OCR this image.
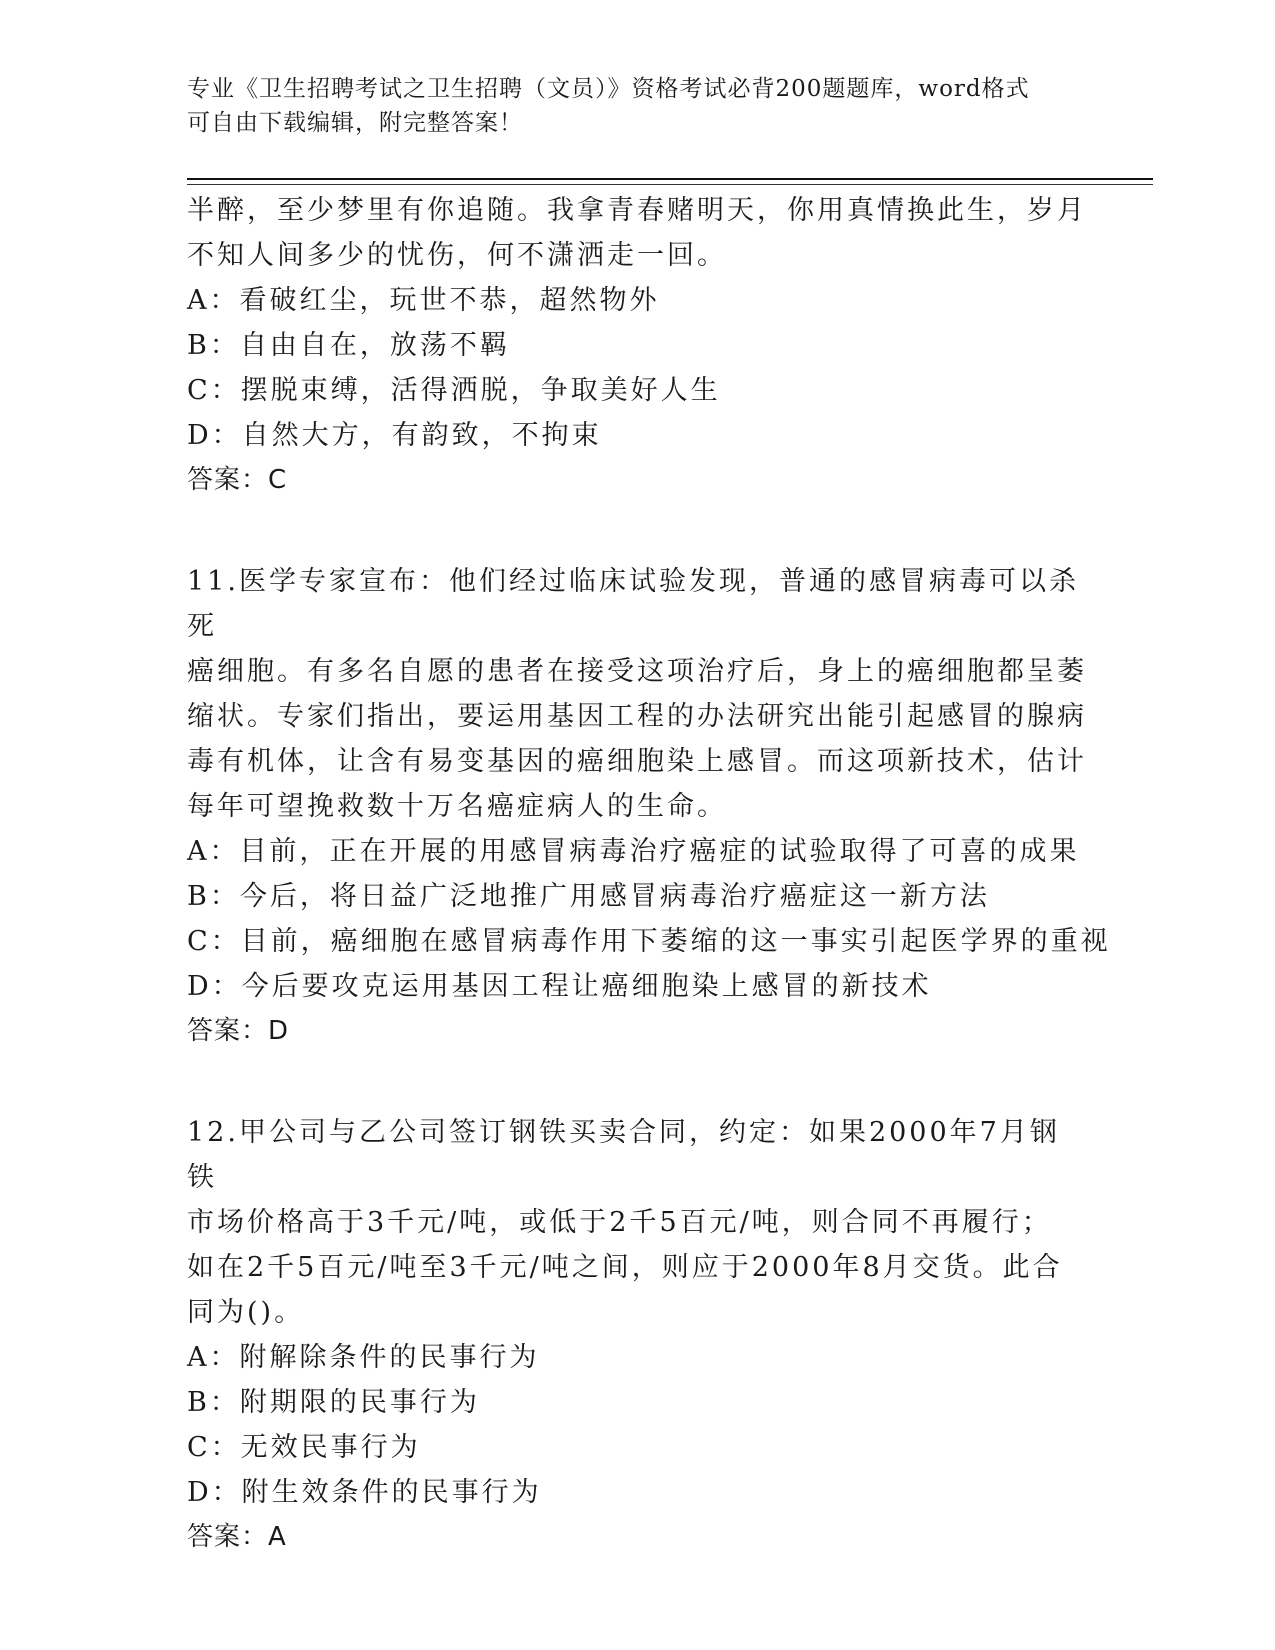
专业《卫生招聘考试之卫生招聘（文员）》资格考试必背200题题库，word格式
可自由下载编辑，附完整答案！

半醉，至少梦里有你追随。我拿青春赌明天，你用真情换此生，岁月

不知人间多少的忧伤，何不潇洒走一回。

A：看破红尘，玩世不恭，超然物外

B：自由自在，放荡不羁

C：摆脱束缚，活得洒脱，争取美好人生

D：自然大方，有韵致，不拘束

答案：C

11.医学专家宣布：他们经过临床试验发现，普通的感冒病毒可以杀死

癌细胞。有多名自愿的患者在接受这项治疗后，身上的癌细胞都呈萎

缩状。专家们指出，要运用基因工程的办法研究出能引起感冒的腺病

毒有机体，让含有易变基因的癌细胞染上感冒。而这项新技术，估计

每年可望挽救数十万名癌症病人的生命。

A：目前，正在开展的用感冒病毒治疗癌症的试验取得了可喜的成果

B：今后，将日益广泛地推广用感冒病毒治疗癌症这一新方法

C：目前，癌细胞在感冒病毒作用下萎缩的这一事实引起医学界的重视

D：今后要攻克运用基因工程让癌细胞染上感冒的新技术

答案：D

12.甲公司与乙公司签订钢铁买卖合同，约定：如果2000年7月钢铁

市场价格高于3千元/吨，或低于2千5百元/吨，则合同不再履行；

如在2千5百元/吨至3千元/吨之间，则应于2000年8月交货。此合

同为()。

A：附解除条件的民事行为

B：附期限的民事行为

C：无效民事行为

D：附生效条件的民事行为

答案：A
